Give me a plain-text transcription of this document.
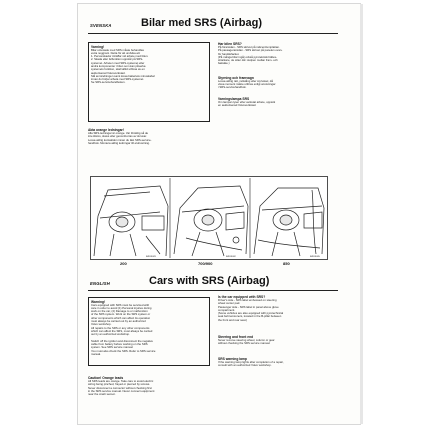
SVENSKA	Bilar med SRS (Airbag)

Varning!

Bilar utrustade med SRS måste behandlas
extra noggrant. Detta för att undvika att:
1. Personskador inträffar vid arbete med bilen.
2. Skada eller felfunktion uppstår på SRS-
systemet. Arbeten med SRS-systemet eller
andra komponenter i bilen som kan påverka
systemets funktion, skall alltid utföras av en
auktoriserad Volvoverkstad.
Slå av tändningen samt lossa batteriets minuskabel
innan du börjar arbeta med SRS-systemet.
Se SRS-servicehandboken.

Akta orange ledningar!

Alla SRS-ledningar är orange. Var försiktig så de
inte kläms, skavs eller genomborras av skruvar.
Lossa aldrig kontaktdon innan du läst SRS-service-
handbok. Montera aldrig ledningar till elutrustning.

Har bilen SRS?

På förarsidan - SRS skrivet på rattcentrumplattan.
På passagerarsidan - SRS skrivet på panelen ovan-
för handskfacket.
(På många bilar ingår också pyroteknisk bältes-
sträckare, de sitter då i stolpen mellan fram- och
baksäte.)

Styrning och framvagn

Lossa aldrig ratt, rattstång eller styrväxel, då
vissa moment måste utföras enligt anvisningar
i SRS-servicehandbok.

Varningslampa SRS

Om lampan lyser efter avslutat arbete, uppsök
en auktoriserad Volvoverkstad.

200	700/900	850
IM913029	IM913032	IM913035
ENGLISH	Cars with SRS (Airbag)

Warning!

Cars equipped with SRS must be serviced with
care in order to avoid (1) Personal injuries during
work on the car, (2) Damage to or malfunction
of the SRS system. Work on the SRS system or
other components which can affect its operation
must always be carried out by an authorized
Volvo workshop.
All repairs to the SRS or any other components
which can affect the SRS, must always be carried
out by an authorized workshop.

Switch off the ignition and disconnect the negative
cable from battery before working on the SRS
system. See SRS service manual.
You must also check the SRS. Refer to SRS service
manual.

Caution! Orange leads

All SRS leads are orange. Take care to avoid electric
wiring being pinched, frayed or pierced by screws.
Never disconnect a connector without checking first
in the SRS service manual. Never connect equipment
near the crash sensor.

Is the car equipped with SRS?

Driver's side - SRS label embossed on steering
wheel center pad.
Passenger side - SRS label in panel above glove
compartment.
(Some vehicles are also equipped with pyrotechnical
seat belt tensioners, located in the B-pillar between
the front and rear seat.)

Steering and front end

Never remove steering wheel, column or gear
without checking the SRS service manual.

SRS warning lamp

If the warning lamp lights after completion of a repair,
consult with an authorized Volvo workshop.
